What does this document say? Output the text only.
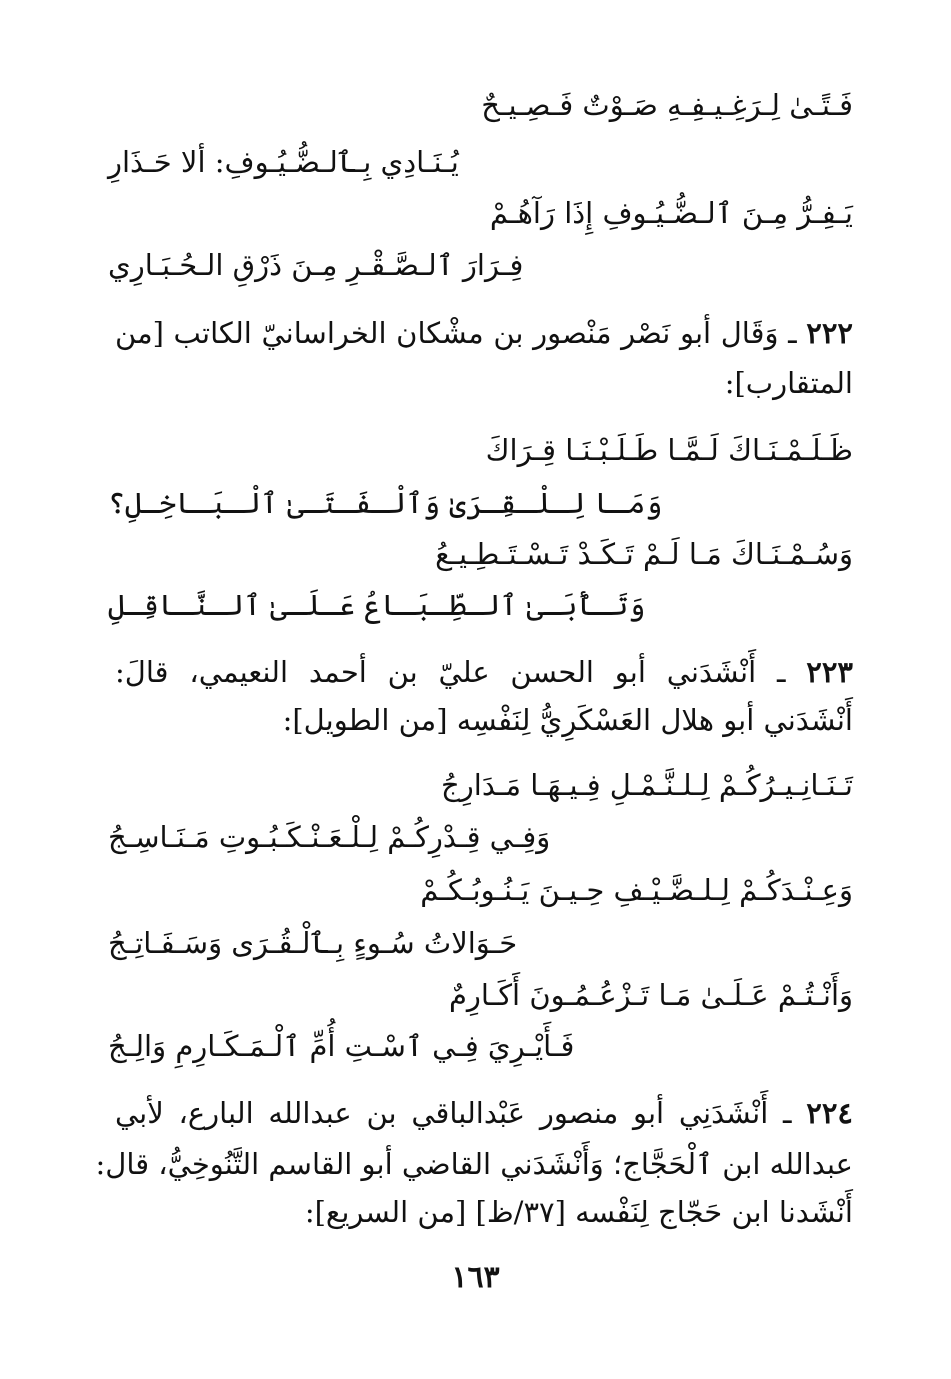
فَـتًـىٰ لِـرَغِـيـفِـهِ صَـوْتٌ فَـصِـيـحٌ
يُـنَـادِي بِـٱلـضُّـيُـوفِ: ألا حَـذَارِ
يَـفِـرُّ مِـنَ ٱلـضُّـيُـوفِ إِذَا رَآهُـمْ
فِـرَارَ ٱلـصَّـقْـرِ مِـنَ ذَرْقِ الـحُـبَـارِي
٢٢٢ ـ وَقَال أبو نَصْر مَنْصور بن مشْكان الخراسانيّ الكاتب [من
المتقارب]:
ظَـلَـمْـنَـاكَ لَـمَّـا طَـلَـبْـنَـا قِـرَاكَ
وَمَـا لِـلْـقِـرَىٰ وَٱلْـفَـتَـىٰ ٱلْـبَـاخِـلِ؟
وَسُـمْـنَـاكَ مَـا لَـمْ تَـكَـدْ تَـسْـتَـطِـيـعُ
وَتَـأْبَـىٰ ٱلـطِّـبَـاعُ عَـلَـىٰ ٱلـنَّـاقِـلِ
٢٢٣ ـ أَنْشَدَني أبو الحسن عليّ بن أحمد النعيمي، قالَ:
أَنْشَدَني أبو هلال العَسْكَرِيُّ لِنَفْسِه [من الطويل]:
تَـنَـانِـيـرُكُـمْ لِـلـنَّـمْـلِ فِـيـهَـا مَـدَارِجُ
وَفِـي قِـدْرِكُـمْ لِـلْـعَـنْـكَـبُـوتِ مَـنَـاسِـجُ
وَعِـنْـدَكُـمْ لِـلـضَّـيْـفِ حِـيـنَ يَـنُـوبُـكُـمْ
حَـوَالاتُ سُـوءٍ بِـٱلْـقُـرَى وَسَـفَـاتِـجُ
وَأَنْـتُـمْ عَـلَـىٰ مَـا تَـزْعُـمُـونَ أَكَـارِمٌ
فَـأَيْـرِيَ فِـي ٱسْـتِ أُمِّ ٱلْـمَـكَـارِمِ وَالِـجُ
٢٢٤ ـ أَنْشَدَنِي أبو منصور عَبْدالباقي بن عبدالله البارع، لأبي
عبدالله ابن ٱلْحَجَّاج؛ وَأَنْشَدَني القاضي أبو القاسم التَّنُوخِيُّ، قال:
أَنْشَدنا ابن حَجّاج لِنَفْسه [٣٧/ظ] [من السريع]:
١٦٣
